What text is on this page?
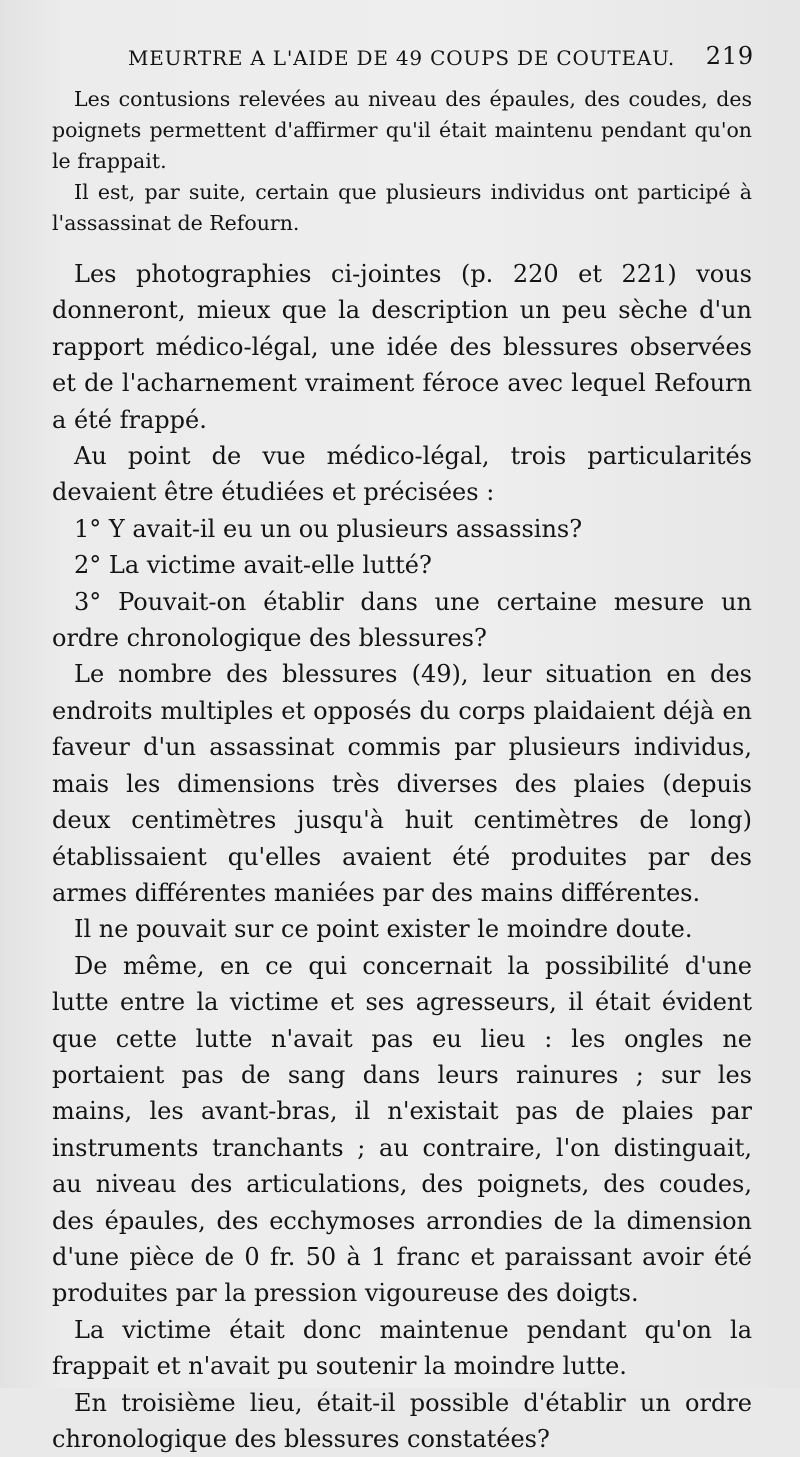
MEURTRE A L'AIDE DE 49 COUPS DE COUTEAU. 219

Les contusions relevées au niveau des épaules, des coudes, des poignets permettent d'affirmer qu'il était maintenu pendant qu'on le frappait.

Il est, par suite, certain que plusieurs individus ont participé à l'assassinat de Refourn.

Les photographies ci-jointes (p. 220 et 221) vous donneront, mieux que la description un peu sèche d'un rapport médico-légal, une idée des blessures observées et de l'acharnement vraiment féroce avec lequel Refourn a été frappé.

Au point de vue médico-légal, trois particularités devaient être étudiées et précisées :

1° Y avait-il eu un ou plusieurs assassins?

2° La victime avait-elle lutté?

3° Pouvait-on établir dans une certaine mesure un ordre chronologique des blessures?

Le nombre des blessures (49), leur situation en des endroits multiples et opposés du corps plaidaient déjà en faveur d'un assassinat commis par plusieurs individus, mais les dimensions très diverses des plaies (depuis deux centimètres jusqu'à huit centimètres de long) établissaient qu'elles avaient été produites par des armes différentes maniées par des mains différentes.

Il ne pouvait sur ce point exister le moindre doute.

De même, en ce qui concernait la possibilité d'une lutte entre la victime et ses agresseurs, il était évident que cette lutte n'avait pas eu lieu : les ongles ne portaient pas de sang dans leurs rainures ; sur les mains, les avant-bras, il n'existait pas de plaies par instruments tranchants ; au contraire, l'on distinguait, au niveau des articulations, des poignets, des coudes, des épaules, des ecchymoses arrondies de la dimension d'une pièce de 0 fr. 50 à 1 franc et paraissant avoir été produites par la pression vigoureuse des doigts.

La victime était donc maintenue pendant qu'on la frappait et n'avait pu soutenir la moindre lutte.

En troisième lieu, était-il possible d'établir un ordre chronologique des blessures constatées?
